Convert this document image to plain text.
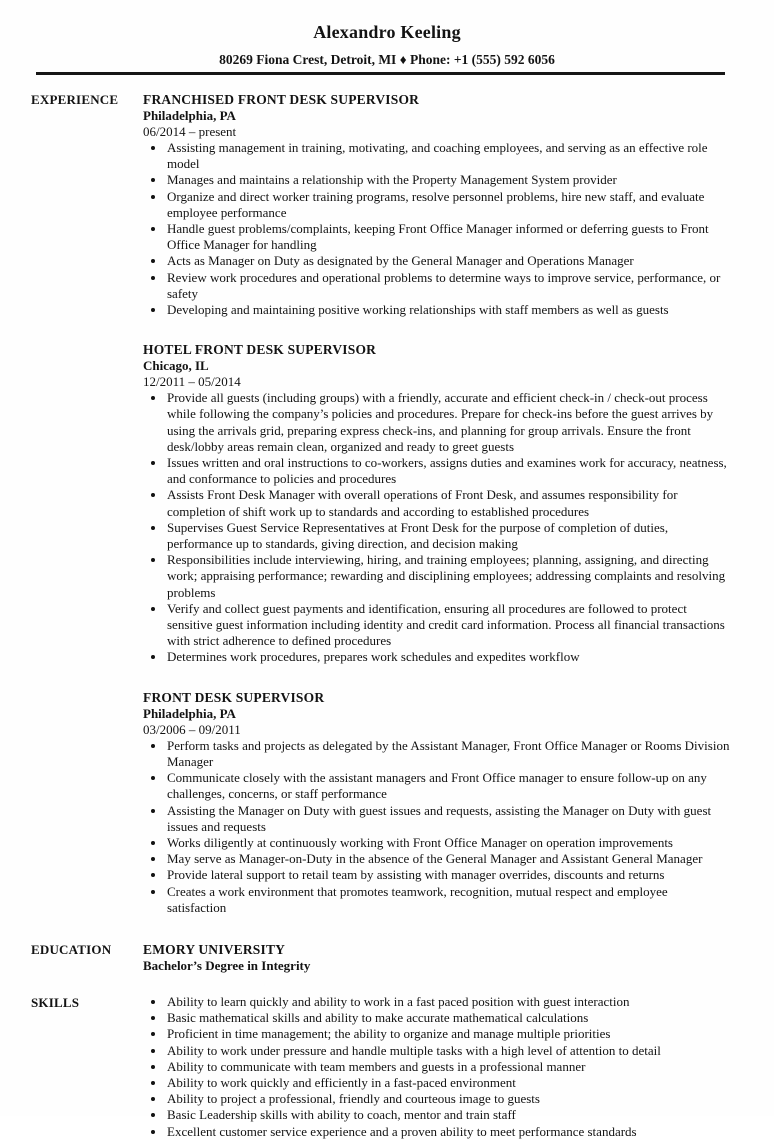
Alexandro Keeling
80269 Fiona Crest, Detroit, MI ♦ Phone: +1 (555) 592 6056
EXPERIENCE	FRANCHISED FRONT DESK SUPERVISOR
Philadelphia, PA
06/2014 – present
• Assisting management in training, motivating, and coaching employees, and serving as an effective role model
• Manages and maintains a relationship with the Property Management System provider
• Organize and direct worker training programs, resolve personnel problems, hire new staff, and evaluate employee performance
• Handle guest problems/complaints, keeping Front Office Manager informed or deferring guests to Front Office Manager for handling
• Acts as Manager on Duty as designated by the General Manager and Operations Manager
• Review work procedures and operational problems to determine ways to improve service, performance, or safety
• Developing and maintaining positive working relationships with staff members as well as guests
HOTEL FRONT DESK SUPERVISOR
Chicago, IL
12/2011 – 05/2014
• Provide all guests (including groups) with a friendly, accurate and efficient check-in / check-out process while following the company’s policies and procedures. Prepare for check-ins before the guest arrives by using the arrivals grid, preparing express check-ins, and planning for group arrivals. Ensure the front desk/lobby areas remain clean, organized and ready to greet guests
• Issues written and oral instructions to co-workers, assigns duties and examines work for accuracy, neatness, and conformance to policies and procedures
• Assists Front Desk Manager with overall operations of Front Desk, and assumes responsibility for completion of shift work up to standards and according to established procedures
• Supervises Guest Service Representatives at Front Desk for the purpose of completion of duties, performance up to standards, giving direction, and decision making
• Responsibilities include interviewing, hiring, and training employees; planning, assigning, and directing work; appraising performance; rewarding and disciplining employees; addressing complaints and resolving problems
• Verify and collect guest payments and identification, ensuring all procedures are followed to protect sensitive guest information including identity and credit card information. Process all financial transactions with strict adherence to defined procedures
• Determines work procedures, prepares work schedules and expedites workflow
FRONT DESK SUPERVISOR
Philadelphia, PA
03/2006 – 09/2011
• Perform tasks and projects as delegated by the Assistant Manager, Front Office Manager or Rooms Division Manager
• Communicate closely with the assistant managers and Front Office manager to ensure follow-up on any challenges, concerns, or staff performance
• Assisting the Manager on Duty with guest issues and requests, assisting the Manager on Duty with guest issues and requests
• Works diligently at continuously working with Front Office Manager on operation improvements
• May serve as Manager-on-Duty in the absence of the General Manager and Assistant General Manager
• Provide lateral support to retail team by assisting with manager overrides, discounts and returns
• Creates a work environment that promotes teamwork, recognition, mutual respect and employee satisfaction
EDUCATION	EMORY UNIVERSITY
Bachelor’s Degree in Integrity
SKILLS	• Ability to learn quickly and ability to work in a fast paced position with guest interaction
• Basic mathematical skills and ability to make accurate mathematical calculations
• Proficient in time management; the ability to organize and manage multiple priorities
• Ability to work under pressure and handle multiple tasks with a high level of attention to detail
• Ability to communicate with team members and guests in a professional manner
• Ability to work quickly and efficiently in a fast-paced environment
• Ability to project a professional, friendly and courteous image to guests
• Basic Leadership skills with ability to coach, mentor and train staff
• Excellent customer service experience and a proven ability to meet performance standards
